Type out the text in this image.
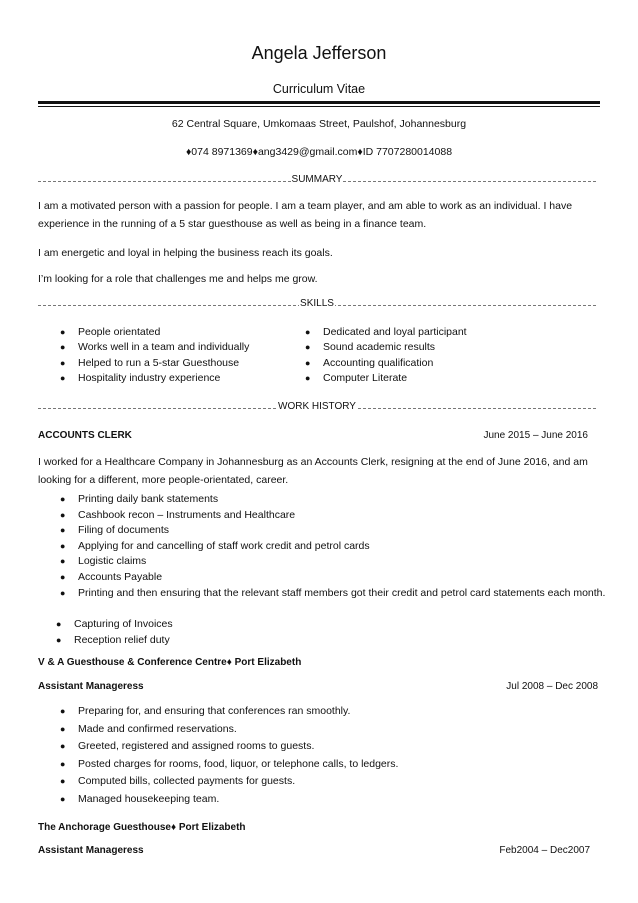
Angela Jefferson
Curriculum Vitae
62 Central Square, Umkomaas Street, Paulshof, Johannesburg
♦074 8971369♦ang3429@gmail.com♦ID 7707280014088
SUMMARY
I am a motivated person with a passion for people. I am a team player, and am able to work as an individual. I have experience in the running of a 5 star guesthouse as well as being in a finance team.
I am energetic and loyal in helping the business reach its goals.
I’m looking for a role that challenges me and helps me grow.
SKILLS
● People orientated
● Works well in a team and individually
● Helped to run a 5-star Guesthouse
● Hospitality industry experience
● Dedicated and loyal participant
● Sound academic results
● Accounting qualification
● Computer Literate
WORK HISTORY
ACCOUNTS CLERK	June 2015 – June 2016
I worked for a Healthcare Company in Johannesburg as an Accounts Clerk, resigning at the end of June 2016, and am looking for a different, more people-orientated, career.
● Printing daily bank statements
● Cashbook recon – Instruments and Healthcare
● Filing of documents
● Applying for and cancelling of staff work credit and petrol cards
● Logistic claims
● Accounts Payable
● Printing and then ensuring that the relevant staff members got their credit and petrol card statements each month.
● Capturing of Invoices
● Reception relief duty
V & A Guesthouse & Conference Centre♦ Port Elizabeth
Assistant Manageress	Jul 2008 – Dec 2008
● Preparing for, and ensuring that conferences ran smoothly.
● Made and confirmed reservations.
● Greeted, registered and assigned rooms to guests.
● Posted charges for rooms, food, liquor, or telephone calls, to ledgers.
● Computed bills, collected payments for guests.
● Managed housekeeping team.
The Anchorage Guesthouse♦ Port Elizabeth
Assistant Manageress	Feb2004 – Dec2007
